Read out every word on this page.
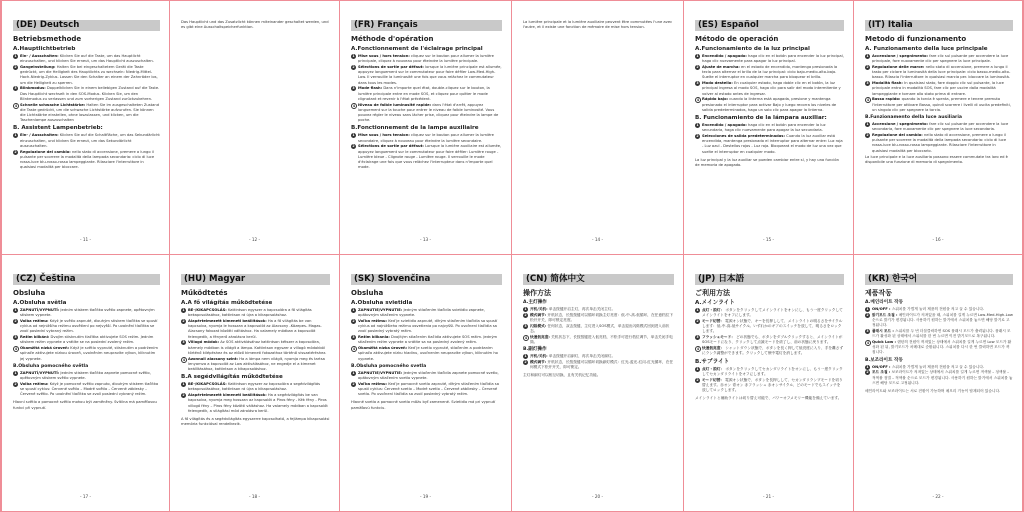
(DE) Deutsch
Betriebsmethode
A.Hauptlichtbetrieb
1 Ein- / Ausschalten: Klicken Sie auf die Taste, um das Hauptlicht einzuschalten, und klicken Sie erneut, um das Hauptlicht auszuschalten.
2 Gangeinstellung: Halten Sie bei eingeschaltetem Gerät die Taste gedrückt, um die Helligkeit des Hauptlichts zu wechseln: Niedrig-Mittel-Hoch-Niedrig-Zyklus. Lassen Sie den Schalter an einem der Zahnräder los, um die Helligkeit zu sperren.
3 Blinkmodus: Doppelklicken Sie in einem beliebigen Zustand auf die Taste. Das Hauptlicht wechselt in den SOS-Modus. Klicken Sie, um den Blinkmodus zu verlassen und zum vorherigen Zustand zurückzukehren.
4 Schnelle schwache Lichtstärke: Halten Sie im ausgeschalteten Zustand die Taste gedrückt, um die schwache Lichtstärke aufzurufen. Sie können die Lichtstärke einstellen, ohne loszulassen, und klicken, um die Taschenlampe auszuschalten
B. Assistent Lampenbetrieb:
1 Ein- / Ausschalten: Klicken Sie auf die Schaltfläche, um das Sekundärlicht einzuschalten, und klicken Sie erneut, um das Sekundärlicht auszuschalten.
2 Regolazione del cambio: nello stato di accensione, premere a lungo il pulsante per scorrere la modalità della lampada secondaria: ciclo di luce rossa-luce blu-rosso-rosso lampeggiante. Rilasciare l'interruttore in qualsiasi modalità per bloccare.
- 11 -
Das Hauptlicht und das Zusatzlicht können miteinander geschaltet werden, und es gibt eine Ausschaltspeicherfunktion.
- 12 -
(FR) Français
Méthode d'opération
A.Fonctionnement de l'éclairage principal
1 Mise sous / hors tension: cliquez sur le bouton pour allumer la lumière principale, cliquez à nouveau pour éteindre la lumière principale.
2 Sélections de sortie par défaut: lorsque la lumière principale est allumée, appuyez longuement sur le commutateur pour faire défiler Low-Med-High-Low. Il verrouille la luminosité une fois que vous relâchez le commutateur dans tous les modes.
3 Mode flash: Dans n'importe quel état, double-cliquez sur le bouton, la lumière principale entre en mode SOS, et cliquez pour quitter le mode clignotant et revenir à l'état précédent.
4 Niveau de faible luminosité rapide: dans l'état d'arrêt, appuyez longuement sur la touche pour entrer le niveau de faible luminosité. Vous pouvez régler le niveau sans lâcher prise, cliquez pour éteindre la lampe de poche.
B.Fonctionnement de la lampe auxiliaire
1 Mise sous / hors tension: cliquez sur le bouton pour allumer la lumière secondaire, cliquez à nouveau pour éteindre la lumière secondaire.
2 Sélections de sortie par défaut: Lorsque la lumière auxiliaire est allumée, appuyez longuement sur le commutateur pour faire défiler: Lumière rouge - Lumière bleue - Clignote rouge - Lumière rouge. Il verrouille le mode d'éclairage une fois que vous relâchez l'interrupteur dans n'importe quel mode.
- 13 -
La lumière principale et la lumière auxiliaire peuvent être commutées l'une avec l'autre, et il existe une fonction de mémoire de mise hors tension.
- 14 -
(ES) Español
Método de operación
A.Funcionamiento de la luz principal
1 Encendido / apagado: haga clic en el botón para encender la luz principal, haga clic nuevamente para apagar la luz principal.
2 Ajuste de marcha: en el estado de encendido, mantenga presionada la tecla para alternar el brillo de la luz principal: ciclo bajo-medio-alto-bajo. Suelte el interruptor en cualquier marcha para bloquear el brillo.
3 Modo destello: En cualquier estado, haga doble clic en el botón, la luz principal ingresa al modo SOS, haga clic para salir del modo intermitente y volver al estado antes de ingresar.
4 Rápido bajo: cuando la linterna está apagada, presione y mantenga presionado el interruptor para activar Bajo y luego recorra los niveles de salida predeterminados, haga un solo clic para apagar la linterna.
B. Funcionamiento de la lámpara auxiliar:
1 Encendido / apagado: haga clic en el botón para encender la luz secundaria, haga clic nuevamente para apagar la luz secundaria.
2 Selecciones de salida predeterminadas: Cuando la luz auxiliar está encendida, mantenga presionado el interruptor para alternar entre: Luz roja - Luz azul - Destellos rojos - Luz roja. Bloqueará el modo de luz una vez que suelte el interruptor en cualquier modo.
La luz principal y la luz auxiliar se pueden cambiar entre sí, y hay una función de memoria de apagado.
- 15 -
(IT) Italia
Metodo di funzionamento
A. Funzionamento della luce principale
1 Accensione / spegnimento: fare clic sul pulsante per accendere la luce principale, fare nuovamente clic per spegnere la luce principale.
2 Regolazione delle marce: nello stato di accensione, premere a lungo il tasto per ciclare la luminosità della luce principale: ciclo basso-medio-alto-basso. Rilascia l'interruttore in qualsiasi marcia per. bloccare la luminosità.
3 Modalità flash: In qualsiasi stato, fare doppio clic sul pulsante, la luce principale entra in modalità SOS, fare clic per uscire dalla modalità lampeggiante e tornare allo stato prima di entrare.
4 Basso rapido: quando la torcia è spenta, premere e tenere premuto l'interruttore per attivare Basso, quindi scorrere i livelli di uscita predefiniti, un singolo clic per spegnere la torcia.
B.Funzionamento della luce ausiliaria
1 Accensione / spegnimento: fare clic sul pulsante per accendere la luce secondaria, fare nuovamente clic per spegnere la luce secondaria.
2 Regolazione del cambio: nello stato di accensione, premere a lungo il pulsante per scorrere la modalità della lampada secondaria: ciclo di luce rossa-luce blu-rosso-rosso lampeggiante. Rilasciare l'interruttore in qualsiasi modalità per bloccarlo.
La luce principale e la luce ausiliaria possono essere commutate tra loro ed è disponibile una funzione di memoria di spegnimento.
- 16 -
(CZ) Čeština
Obsluha
A.Obsluha světla
1 ZAPNUTÍ/VYPNUTÍ: Jedním stiskem tlačítka světlo zapnete, opětovným stiskem vypnete.
2 Volba režimu: Když je světlo zapnuté, dlouhým stiskem tlačítka se spustí cyklus od nejnižšího režimu osvětlení po nejvyšší. Po uvolnění tlačítka se zvolí poslední vybraný režim.
3 Režim blikání: Dvojím stisknutím tlačítka aktivujete SOS režim. Jedním stiskem režim vypnete a vrátíte se na poslední zvolený režim.
4 Okamžitá nízká úroveň: Když je světlo vypnuté, stisknutím a podržením spínače aktivujete nízkou úroveň, uvolněním neupravíte výkon, kliknutím jej vypnete.
B.Obsluha pomocného světla
1 ZAPNUTÍ/VYPNUTÍ: Jedním stiskem tlačítka zapnete pomocné světlo, opětovným stiskem světlo vypnete.
2 Volba režimu: Když je pomocné světlo zapnuto, dlouhým stiskem tlačítka se spustí cyklus: Červené světlo – Modré světlo – Červené záblesky – Červené světlo. Po uvolnění tlačítka se zvolí poslední vybraný režim.
Hlavní světlo a pomocné světlo mohou být zaměněny. Svítilna má paměťovou funkci při vypnutí.
- 17 -
(HU) Magyar
Működtetés
A.A fő világítás működtetése
1 BE-/KIKAPCSOLÁS: Kattintson egyszer a kapcsolóra a fő világítás bekapcsolásához, kattintson rá újra a kikapcsoláshoz.
2 Alapértelmezett kimeneti beállítások: Ha a fő világítás be van kapcsolva, nyomja le hosszan a kapcsolót az Alacsony -Közepes- Magas-Alacsony fokozat közötti váltáshoz. Ha valamely módban a kapcsolót felengedik, a fényerő zárolásra kerül.
3 Villogó módok: Az SOS aktiválásához kattintson kétszer a kapcsolóra, bármely módban is világít a lámpa. Kattintson egyszer a villogó módokból történő kilépéshez és az előző kimeneti fokozathoz történő visszatéréshez.
4 Azonnali alacsony szint: Ha a lámpa nem világít, nyomja meg és tartsa lenyomva a kapcsolót az Low aktiválásához, ne engedje el a kimenet beállításához, kattintson a kikapcsoláshoz.
B.A segédvilágítás működtetése
1 BE-/KIKAPCSOLÁS: Kattintson egyszer az kapcsolóra a segédvilágítás bekapcsolásához, kattintson rá újra a kikapcsoláshoz.
2 Alapértelmezett kimeneti beállítások: Ha a segédvilágítás be van kapcsolva, nyomja meg hosszan az kapcsolót a Piros fény - Kék fény - Piros villogó fény – Piros fény közötti váltáshoz. Ha valamely módban a kapcsolót felengedik, a világítási mód zárolásra kerül.
A fő világítás és a segédvilágítás egyszerre kapcsolható, a fejlámpa kikapcsolási memória funkcióval rendelkezik.
- 18 -
(SK) Slovenčina
Obsluha
A.Obsluha svietidla
1 ZAPNUTIE/VYPNUTIE: Jedným stlačením tlačidla svietidlo zapnete, opätovným stlačením vypnete.
2 Voľba režimu: Keď je svietidlo zapnuté, dlhým stlačením tlačidla sa spustí cyklus od najnižšieho režimu osvetlenia po najvyšší. Po uvoľnení tlačidla sa zvolí posledný vybratý režim.
3 Režim blikania: Dvojitým stlačením tlačidla aktivujete SOS režim. Jedným stlačením režim vypnete a vrátite sa na posledný zvolený režim.
4 Okamžitá nízka úroveň: Keď je svetlo vypnuté, stlačením a podržaním spínača aktivujete nízku hladinu, uvoľnením neupravíte výkon, kliknutím ho vypnete.
B.Obsluha pomocného svetla
1 ZAPNUTIE/VYPNUTIE: Jedným stlačením tlačidla zapnete pomocné svetlo, opätovným stlačením svetlo vypnete.
2 Voľba režimu: Keď je pomocné svetlo zapnuté, dlhým stlačením tlačidla sa spustí cyklus: Červené svetlo – Modré svetlo – Červené zábllesky – Červené svetlo. Po uvoľnení tlačidla sa zvolí posledný vybratý režim.
Hlavné svetlo a pomocné svetlo môžu byť zamenené. Svietidlo má pri vypnutí pamäťovú funkciu.
- 19 -
(CN) 简体中文
操作方法
A.主灯操作
1 开机/关机: 单击按键开启主灯，再次单击关闭主灯。
2 模式调节: 开机状态，长按按键可以循环切换主灯亮度：低-中-高-低循环，在任意档位下松开开关，即可锁定亮度。
3 闪烁模式: 任何状态，双击按键，主灯进入SOS模式，单击退出闪烁模式回到进入前状态。
4 快速低亮度: 关机状态下，长按按键进入低亮档，不松手可进行档位调节，单击关闭手电筒。
B.副灯操作
1 开机/关机: 单击按键开启副灯，再次单击关闭副灯。
2 模式调节: 开机状态，长按按键可以循环切换副灯模式：红光-蓝光-红闪-红光循环，在任何模式下松开开关，即可锁定。
主灯和副灯可以相互切换，且有关机记忆功能。
- 20 -
(JP) 日本語
ご利用方法
A.メインライト
1 点灯・消灯： ボタンをクリックしてメインライトをオンにし、もう一度クリックしてメインライトをオフにします。
2 モード切替： 電源オン状態で、キーを長押しして、メインライトの明るさをサイクルします：低-中-高-低サイクル。いずれかのギアのスイッチを放して、明るさをロックします。
3 フラッシュモード： どの状態でも、ボタンをダブルクリックすると、メインライトがSOSモードになり、クリックして点滅モードを終了し、前の状態に戻ります。
4 快速低亮度： シャットダウン状態で、ボタンを長く押して低亮度に入り、手を離さずにランク調整ができます。クリックして懐中電灯を消します。
B.サブライト
1 点灯・消灯： ボタンをクリックしてセカンダリライトをオンにし、もう一度クリックしてセカンダリライトをオフにします。
2 モード切替： 電源オン状態で、ボタンを長押しして、セカンダリランプモードを切り替えます。赤オン 青オン 赤フラッシュ 赤オンサイクル、どのモードでもスイッチを放してロックします。
メインライトと補助ライトは切り替え可能で、パワーオフメモリー機能を備えています。
- 21 -
(KR) 한국어
제품작동
A.메인라이트 작동
1 ON/OFF : 스위치를 가볍게 눌러 제품의 전원을 켜고 끌 수 있습니다.
2 밝기모드 조절 : 메인라이트가 켜져있을 때, 스위치를 길게 누르면 Low-Med-High-Low 순으로 밝기가 변경됩니다. 사용하기 원하는 밝기에서 스위치를 놓으면 해당 밝기로 고정됩니다.
3 플래시 모드 : 스위치를 두 번 더블클릭하면 SOS 플래시 모드가 출력됩니다. 플래시 모드가 활성화 된 상태에서 스위치를 한 번 누르면 이전 밝기모드로 복구됩니다.
4 Quick Low : 랜턴의 전원이 꺼져있는 상태에서 스위치를 길게 누르면 Low 모드가 활성화 된 뒤, 밝기모드가 차례대로 순환됩니다. 스위치를 다시 한 번 클릭하면 모드가 꺼집니다.
B.보조라이트 작동
1 ON/OFF : 스위치를 가볍게 눌러 제품의 전원을 켜고 끌 수 있습니다.
2 모드 조절 : 보조라이트가 켜져있는 상태에서 스위치를 길게 누르면 적색불 – 청색불 – 적색불 점멸 – 적색불 순으로 모드가 변경됩니다. 사용하기 원하는 밝기에서 스위치를 놓으면 해당 모드로 고정됩니다.
메인라이트와 보조라이트는 서로 전환이 가능하며 메모리 기능이 탑재되어 있습니다.
- 22 -
